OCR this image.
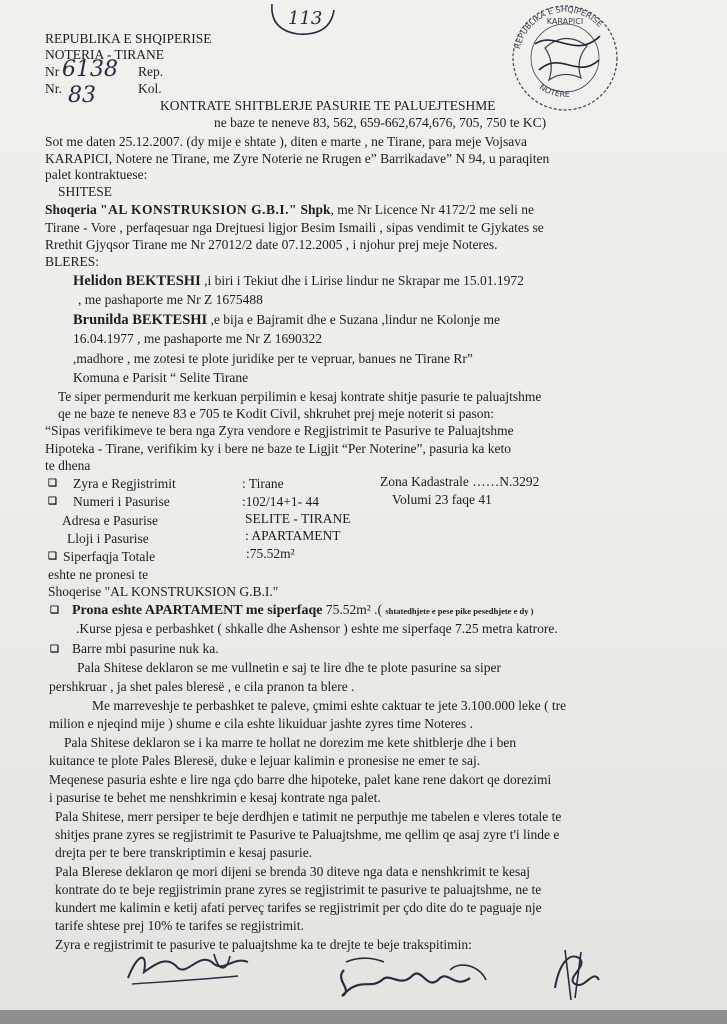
REPUBLIKA E SHQIPERISE
NOTERIA - TIRANE
Nr 6138 Rep.
Nr. 83	Kol.
113
REPUBLIKA E SHQIPERISE
NOTERE
KARAPICI
KONTRATE SHITBLERJE PASURIE TE PALUEJTESHME
ne baze te neneve 83, 562, 659-662,674,676, 705, 750 te KC)
Sot me daten 25.12.2007. (dy mije e shtate ), diten e marte , ne Tirane, para meje Vojsava
KARAPICI, Notere ne Tirane, me Zyre Noterie ne Rrugen e” Barrikadave” N 94, u paraqiten
palet kontraktuese:
SHITESE
Shoqeria "AL KONSTRUKSION G.B.I." Shpk, me Nr Licence Nr 4172/2 me seli ne
Tirane - Vore , perfaqesuar nga Drejtuesi ligjor Besim Ismaili , sipas vendimit te Gjykates se
Rrethit Gjyqsor Tirane me Nr 27012/2 date 07.12.2005 , i njohur prej meje Noteres.
BLERES:
Helidon BEKTESHI ,i biri i Tekiut dhe i Lirise lindur ne Skrapar me 15.01.1972
, me pashaporte me Nr Z 1675488
Brunilda BEKTESHI ,e bija e Bajramit dhe e Suzana ,lindur ne Kolonje me
16.04.1977 , me pashaporte me Nr Z 1690322
,madhore , me zotesi te plote juridike per te vepruar, banues ne Tirane Rr”
Komuna e Parisit “ Selite Tirane
Te siper permendurit me kerkuan perpilimin e kesaj kontrate shitje pasurie te paluajtshme
qe ne baze te neneve 83 e 705 te Kodit Civil, shkruhet prej meje noterit si pason:
“Sipas verifikimeve te bera nga Zyra vendore e Regjistrimit te Pasurive te Paluajtshme
Hipoteka - Tirane, verifikim ky i bere ne baze te Ligjit “Per Noterine”, pasuria ka keto
te dhena
❏ Zyra e Regjistrimit	: Tirane	Zona Kadastrale ……N.3292
❏ Numeri i Pasurise	:102/14+1- 44	Volumi 23 faqe 41
Adresa e Pasurise	SELITE - TIRANE
Lloji i Pasurise	: APARTAMENT
❏ Siperfaqja Totale	:75.52m²
eshte ne pronesi te
Shoqerise "AL KONSTRUKSION G.B.I."
❏ Prona eshte APARTAMENT me siperfaqe 75.52m² .( shtatedhjete e pese pike pesedhjete e dy )
.Kurse pjesa e perbashket ( shkalle dhe Ashensor ) eshte me siperfaqe 7.25 metra katrore.
❏ Barre mbi pasurine nuk ka.
Pala Shitese deklaron se me vullnetin e saj te lire dhe te plote pasurine sa siper
pershkruar , ja shet pales bleresë , e cila pranon ta blere .
Me marreveshje te perbashket te paleve, çmimi eshte caktuar te jete 3.100.000 leke ( tre
milion e njeqind mije ) shume e cila eshte likuiduar jashte zyres time Noteres .
Pala Shitese deklaron se i ka marre te hollat ne dorezim me kete shitblerje dhe i ben
kuitance te plote Pales Bleresë, duke e lejuar kalimin e pronesise ne emer te saj.
Meqenese pasuria eshte e lire nga çdo barre dhe hipoteke, palet kane rene dakort qe dorezimi
i pasurise te behet me nenshkrimin e kesaj kontrate nga palet.
Pala Shitese, merr persiper te beje derdhjen e tatimit ne perputhje me tabelen e vleres totale te
shitjes prane zyres se regjistrimit te Pasurive te Paluajtshme, me qellim qe asaj zyre t'i linde e
drejta per te bere transkriptimin e kesaj pasurie.
Pala Blerese deklaron qe mori dijeni se brenda 30 diteve nga data e nenshkrimit te kesaj
kontrate do te beje regjistrimin prane zyres se regjistrimit te pasurive te paluajtshme, ne te
kundert me kalimin e ketij afati perveç tarifes se regjistrimit per çdo dite do te paguaje nje
tarife shtese prej 10% te tarifes se regjistrimit.
Zyra e regjistrimit te pasurive te paluajtshme ka te drejte te beje trakspitimin:
